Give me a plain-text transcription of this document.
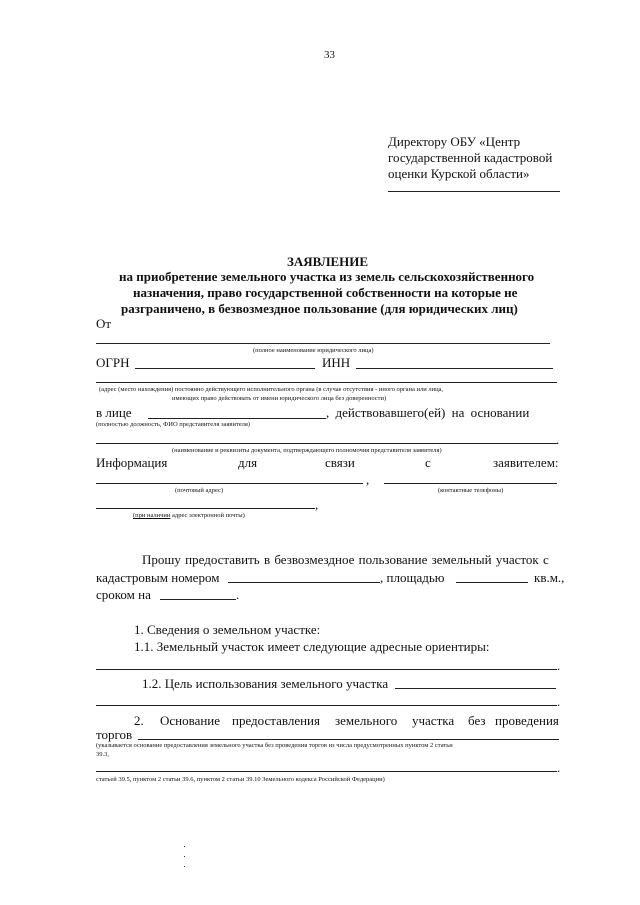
33
Директору ОБУ «Центр
государственной кадастровой
оценки Курской области»
ЗАЯВЛЕНИЕ
на приобретение земельного участка из земель сельскохозяйственного
назначения, право государственной собственности на которые не
разграничено, в безвозмездное пользование (для юридических лиц)
От
(полное наименование юридического лица)
ОГРН	ИНН
(адрес (место нахождения) постоянно действующего исполнительного органа (в случае отсутствия - иного органа или лица,
имеющих право действовать от имени юридического лица без доверенности)
в лице	, действовавшего(ей) на основании
(полностью должность, ФИО представителя заявителя)
.
(наименование и реквизиты документа, подтверждающего полномочия представителя заявителя)
Информация	для	связи	с	заявителем:
,
(почтовый адрес)	(контактные телефоны)
,
(при наличии адрес электронной почты)
Прошу предоставить в безвозмездное пользование земельный участок с
кадастровым номером	, площадью	кв.м.,
сроком на	.
1. Сведения о земельном участке:
1.1. Земельный участок имеет следующие адресные ориентиры:
.
1.2. Цель использования земельного участка
.
2. Основание предоставления земельного участка без проведения
торгов
(указывается основание предоставления земельного участка без проведения торгов из числа предусмотренных пунктом 2 статьи
39.3,
.
статьей 39.5, пунктом 2 статьи 39.6, пунктом 2 статьи 39.10 Земельного кодекса Российской Федерации)
